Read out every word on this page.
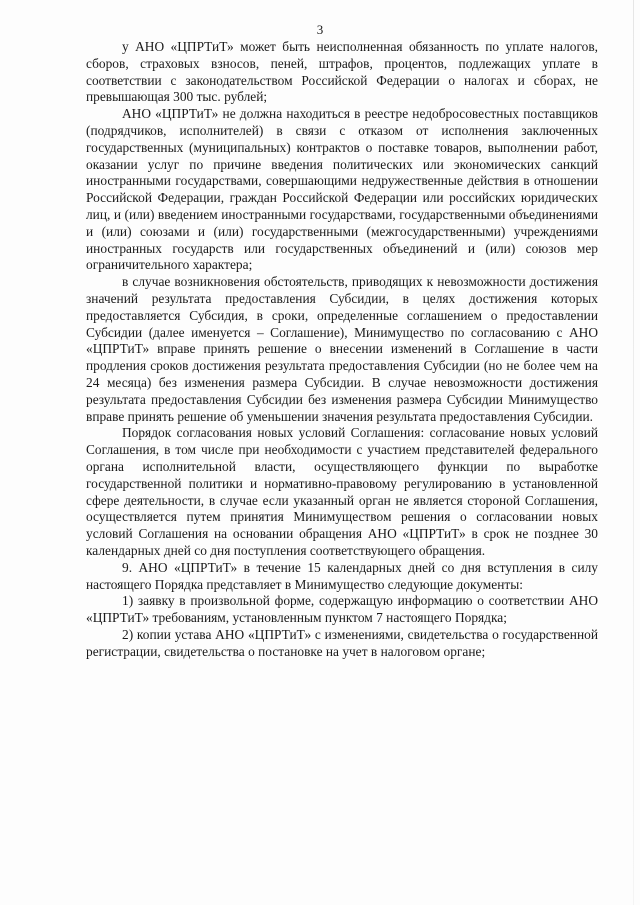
3

у АНО «ЦПРТиТ» может быть неисполненная обязанность по уплате налогов, сборов, страховых взносов, пеней, штрафов, процентов, подлежащих уплате в соответствии с законодательством Российской Федерации о налогах и сборах, не превышающая 300 тыс. рублей;

АНО «ЦПРТиТ» не должна находиться в реестре недобросовестных поставщиков (подрядчиков, исполнителей) в связи с отказом от исполнения заключенных государственных (муниципальных) контрактов о поставке товаров, выполнении работ, оказании услуг по причине введения политических или экономических санкций иностранными государствами, совершающими недружественные действия в отношении Российской Федерации, граждан Российской Федерации или российских юридических лиц, и (или) введением иностранными государствами, государственными объединениями и (или) союзами и (или) государственными (межгосударственными) учреждениями иностранных государств или государственных объединений и (или) союзов мер ограничительного характера;

в случае возникновения обстоятельств, приводящих к невозможности достижения значений результата предоставления Субсидии, в целях достижения которых предоставляется Субсидия, в сроки, определенные соглашением о предоставлении Субсидии (далее именуется – Соглашение), Минимущество по согласованию с АНО «ЦПРТиТ» вправе принять решение о внесении изменений в Соглашение в части продления сроков достижения результата предоставления Субсидии (но не более чем на 24 месяца) без изменения размера Субсидии. В случае невозможности достижения результата предоставления Субсидии без изменения размера Субсидии Минимущество вправе принять решение об уменьшении значения результата предоставления Субсидии.

Порядок согласования новых условий Соглашения: согласование новых условий Соглашения, в том числе при необходимости с участием представителей федерального органа исполнительной власти, осуществляющего функции по выработке государственной политики и нормативно-правовому регулированию в установленной сфере деятельности, в случае если указанный орган не является стороной Соглашения, осуществляется путем принятия Минимуществом решения о согласовании новых условий Соглашения на основании обращения АНО «ЦПРТиТ» в срок не позднее 30 календарных дней со дня поступления соответствующего обращения.

9. АНО «ЦПРТиТ» в течение 15 календарных дней со дня вступления в силу настоящего Порядка представляет в Минимущество следующие документы:

1) заявку в произвольной форме, содержащую информацию о соответствии АНО «ЦПРТиТ» требованиям, установленным пунктом 7 настоящего Порядка;

2) копии устава АНО «ЦПРТиТ» с изменениями, свидетельства о государственной регистрации, свидетельства о постановке на учет в налоговом органе;
